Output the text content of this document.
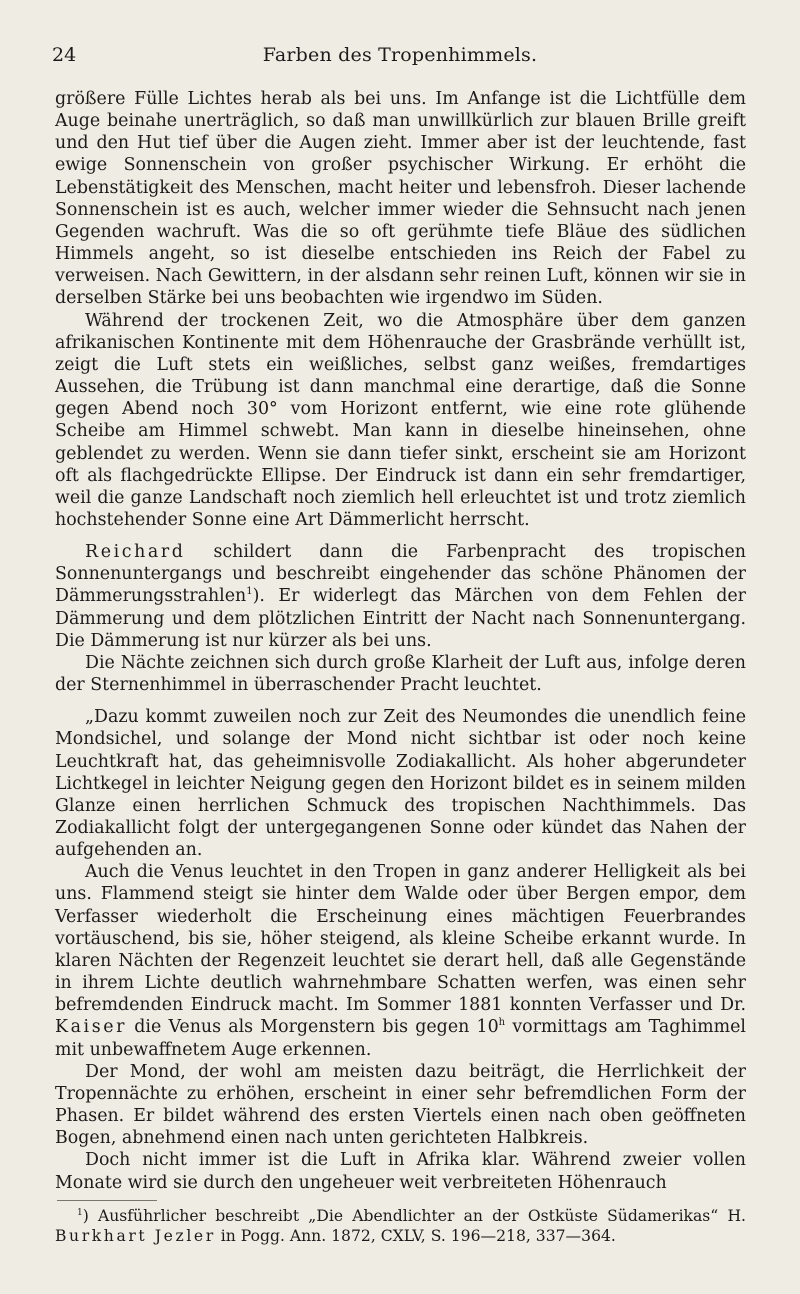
24	Farben des Tropenhimmels.

größere Fülle Lichtes herab als bei uns. Im Anfange ist die Lichtfülle dem Auge beinahe unerträglich, so daß man unwillkürlich zur blauen Brille greift und den Hut tief über die Augen zieht. Immer aber ist der leuchtende, fast ewige Sonnenschein von großer psychischer Wirkung. Er erhöht die Lebenstätigkeit des Menschen, macht heiter und lebensfroh. Dieser lachende Sonnenschein ist es auch, welcher immer wieder die Sehnsucht nach jenen Gegenden wachruft. Was die so oft gerühmte tiefe Bläue des südlichen Himmels angeht, so ist dieselbe entschieden ins Reich der Fabel zu verweisen. Nach Gewittern, in der alsdann sehr reinen Luft, können wir sie in derselben Stärke bei uns beobachten wie irgendwo im Süden.

Während der trockenen Zeit, wo die Atmosphäre über dem ganzen afrikanischen Kontinente mit dem Höhenrauche der Grasbrände verhüllt ist, zeigt die Luft stets ein weißliches, selbst ganz weißes, fremdartiges Aussehen, die Trübung ist dann manchmal eine derartige, daß die Sonne gegen Abend noch 30° vom Horizont entfernt, wie eine rote glühende Scheibe am Himmel schwebt. Man kann in dieselbe hineinsehen, ohne geblendet zu werden. Wenn sie dann tiefer sinkt, erscheint sie am Horizont oft als flachgedrückte Ellipse. Der Eindruck ist dann ein sehr fremdartiger, weil die ganze Landschaft noch ziemlich hell erleuchtet ist und trotz ziemlich hochstehender Sonne eine Art Dämmerlicht herrscht.

Reichard schildert dann die Farbenpracht des tropischen Sonnenuntergangs und beschreibt eingehender das schöne Phänomen der Dämmerungsstrahlen$^1$). Er widerlegt das Märchen von dem Fehlen der Dämmerung und dem plötzlichen Eintritt der Nacht nach Sonnenuntergang. Die Dämmerung ist nur kürzer als bei uns.

Die Nächte zeichnen sich durch große Klarheit der Luft aus, infolge deren der Sternenhimmel in überraschender Pracht leuchtet.

„Dazu kommt zuweilen noch zur Zeit des Neumondes die unendlich feine Mondsichel, und solange der Mond nicht sichtbar ist oder noch keine Leuchtkraft hat, das geheimnisvolle Zodiakallicht. Als hoher abgerundeter Lichtkegel in leichter Neigung gegen den Horizont bildet es in seinem milden Glanze einen herrlichen Schmuck des tropischen Nachthimmels. Das Zodiakallicht folgt der untergegangenen Sonne oder kündet das Nahen der aufgehenden an.

Auch die Venus leuchtet in den Tropen in ganz anderer Helligkeit als bei uns. Flammend steigt sie hinter dem Walde oder über Bergen empor, dem Verfasser wiederholt die Erscheinung eines mächtigen Feuerbrandes vortäuschend, bis sie, höher steigend, als kleine Scheibe erkannt wurde. In klaren Nächten der Regenzeit leuchtet sie derart hell, daß alle Gegenstände in ihrem Lichte deutlich wahrnehmbare Schatten werfen, was einen sehr befremdenden Eindruck macht. Im Sommer 1881 konnten Verfasser und Dr. Kaiser die Venus als Morgenstern bis gegen 10$^h$ vormittags am Taghimmel mit unbewaffnetem Auge erkennen.

Der Mond, der wohl am meisten dazu beiträgt, die Herrlichkeit der Tropennächte zu erhöhen, erscheint in einer sehr befremdlichen Form der Phasen. Er bildet während des ersten Viertels einen nach oben geöffneten Bogen, abnehmend einen nach unten gerichteten Halbkreis.

Doch nicht immer ist die Luft in Afrika klar. Während zweier vollen Monate wird sie durch den ungeheuer weit verbreiteten Höhenrauch

$^1$) Ausführlicher beschreibt „Die Abendlichter an der Ostküste Südamerikas“ H. Burkhart Jezler in Pogg. Ann. 1872, CXLV, S. 196—218, 337—364.
